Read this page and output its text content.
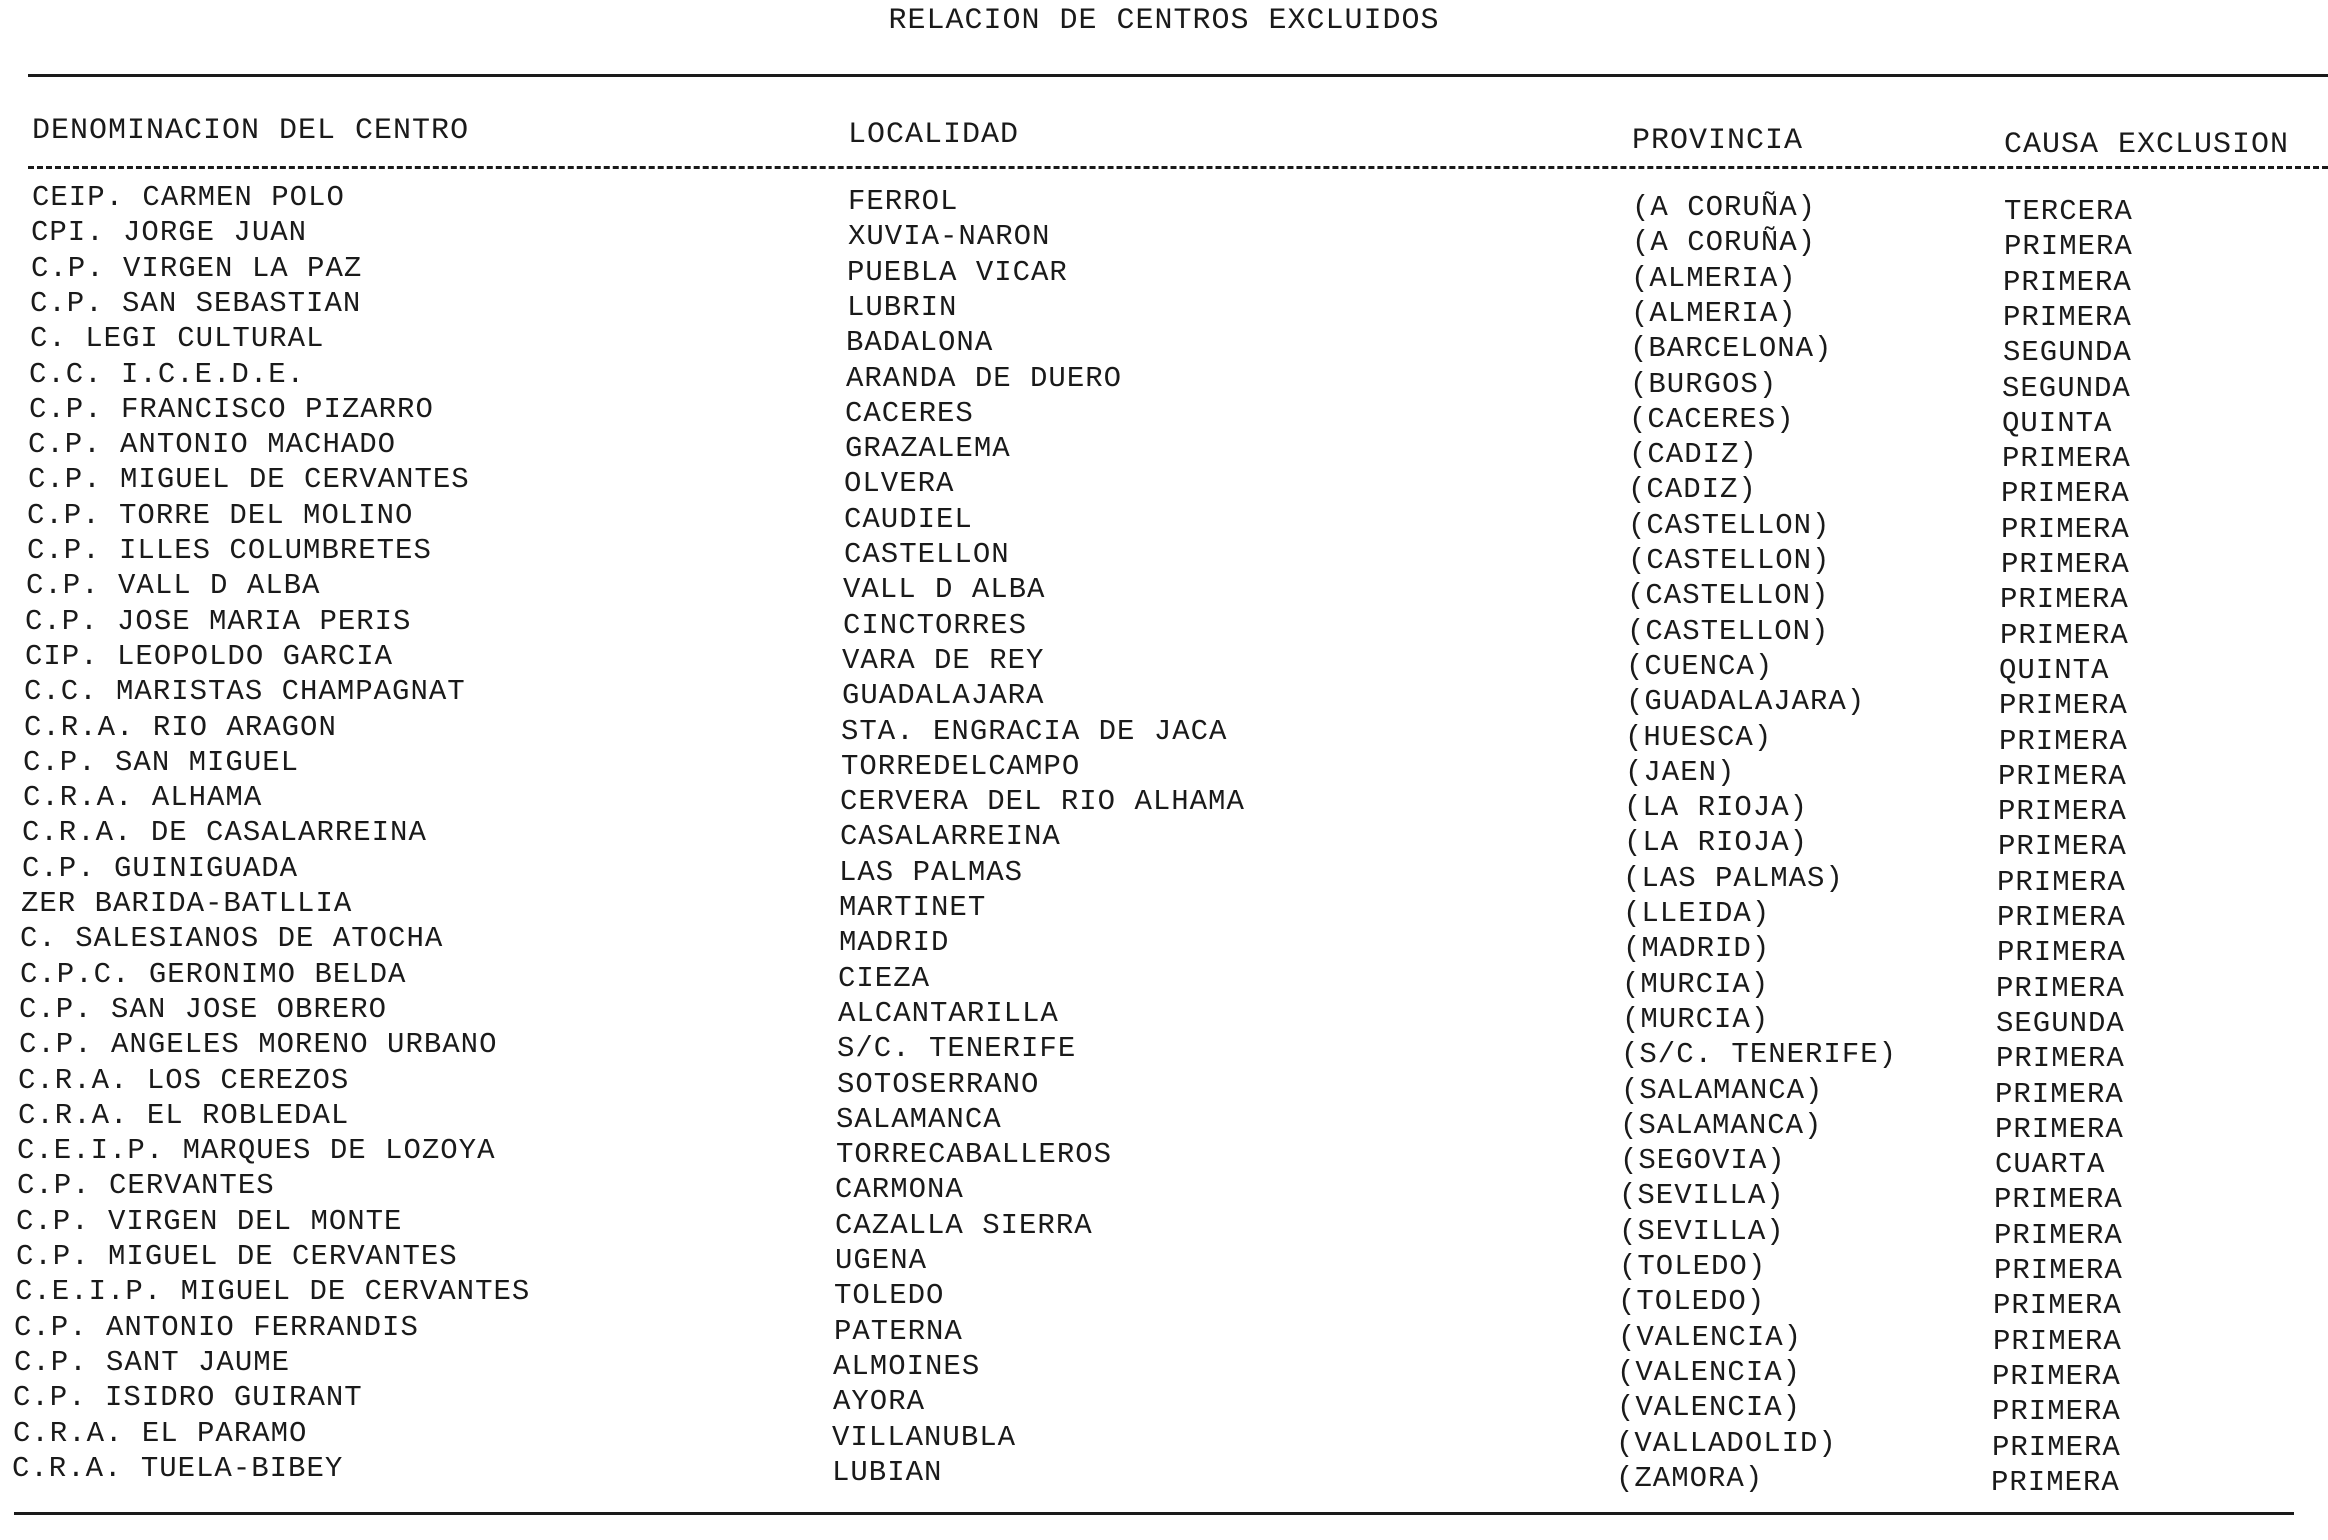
RELACION DE CENTROS EXCLUIDOS
DENOMINACION DEL CENTRO	LOCALIDAD	PROVINCIA	CAUSA EXCLUSION
CEIP. CARMEN POLO	FERROL	(A CORUÑA)	TERCERA
CPI. JORGE JUAN	XUVIA-NARON	(A CORUÑA)	PRIMERA
C.P. VIRGEN LA PAZ	PUEBLA VICAR	(ALMERIA)	PRIMERA
C.P. SAN SEBASTIAN	LUBRIN	(ALMERIA)	PRIMERA
C. LEGI CULTURAL	BADALONA	(BARCELONA)	SEGUNDA
C.C. I.C.E.D.E.	ARANDA DE DUERO	(BURGOS)	SEGUNDA
C.P. FRANCISCO PIZARRO	CACERES	(CACERES)	QUINTA
C.P. ANTONIO MACHADO	GRAZALEMA	(CADIZ)	PRIMERA
C.P. MIGUEL DE CERVANTES	OLVERA	(CADIZ)	PRIMERA
C.P. TORRE DEL MOLINO	CAUDIEL	(CASTELLON)	PRIMERA
C.P. ILLES COLUMBRETES	CASTELLON	(CASTELLON)	PRIMERA
C.P. VALL D ALBA	VALL D ALBA	(CASTELLON)	PRIMERA
C.P. JOSE MARIA PERIS	CINCTORRES	(CASTELLON)	PRIMERA
CIP. LEOPOLDO GARCIA	VARA DE REY	(CUENCA)	QUINTA
C.C. MARISTAS CHAMPAGNAT	GUADALAJARA	(GUADALAJARA)	PRIMERA
C.R.A. RIO ARAGON	STA. ENGRACIA DE JACA	(HUESCA)	PRIMERA
C.P. SAN MIGUEL	TORREDELCAMPO	(JAEN)	PRIMERA
C.R.A. ALHAMA	CERVERA DEL RIO ALHAMA	(LA RIOJA)	PRIMERA
C.R.A. DE CASALARREINA	CASALARREINA	(LA RIOJA)	PRIMERA
C.P. GUINIGUADA	LAS PALMAS	(LAS PALMAS)	PRIMERA
ZER BARIDA-BATLLIA	MARTINET	(LLEIDA)	PRIMERA
C. SALESIANOS DE ATOCHA	MADRID	(MADRID)	PRIMERA
C.P.C. GERONIMO BELDA	CIEZA	(MURCIA)	PRIMERA
C.P. SAN JOSE OBRERO	ALCANTARILLA	(MURCIA)	SEGUNDA
C.P. ANGELES MORENO URBANO	S/C. TENERIFE	(S/C. TENERIFE)	PRIMERA
C.R.A. LOS CEREZOS	SOTOSERRANO	(SALAMANCA)	PRIMERA
C.R.A. EL ROBLEDAL	SALAMANCA	(SALAMANCA)	PRIMERA
C.E.I.P. MARQUES DE LOZOYA	TORRECABALLEROS	(SEGOVIA)	CUARTA
C.P. CERVANTES	CARMONA	(SEVILLA)	PRIMERA
C.P. VIRGEN DEL MONTE	CAZALLA SIERRA	(SEVILLA)	PRIMERA
C.P. MIGUEL DE CERVANTES	UGENA	(TOLEDO)	PRIMERA
C.E.I.P. MIGUEL DE CERVANTES	TOLEDO	(TOLEDO)	PRIMERA
C.P. ANTONIO FERRANDIS	PATERNA	(VALENCIA)	PRIMERA
C.P. SANT JAUME	ALMOINES	(VALENCIA)	PRIMERA
C.P. ISIDRO GUIRANT	AYORA	(VALENCIA)	PRIMERA
C.R.A. EL PARAMO	VILLANUBLA	(VALLADOLID)	PRIMERA
C.R.A. TUELA-BIBEY	LUBIAN	(ZAMORA)	PRIMERA
